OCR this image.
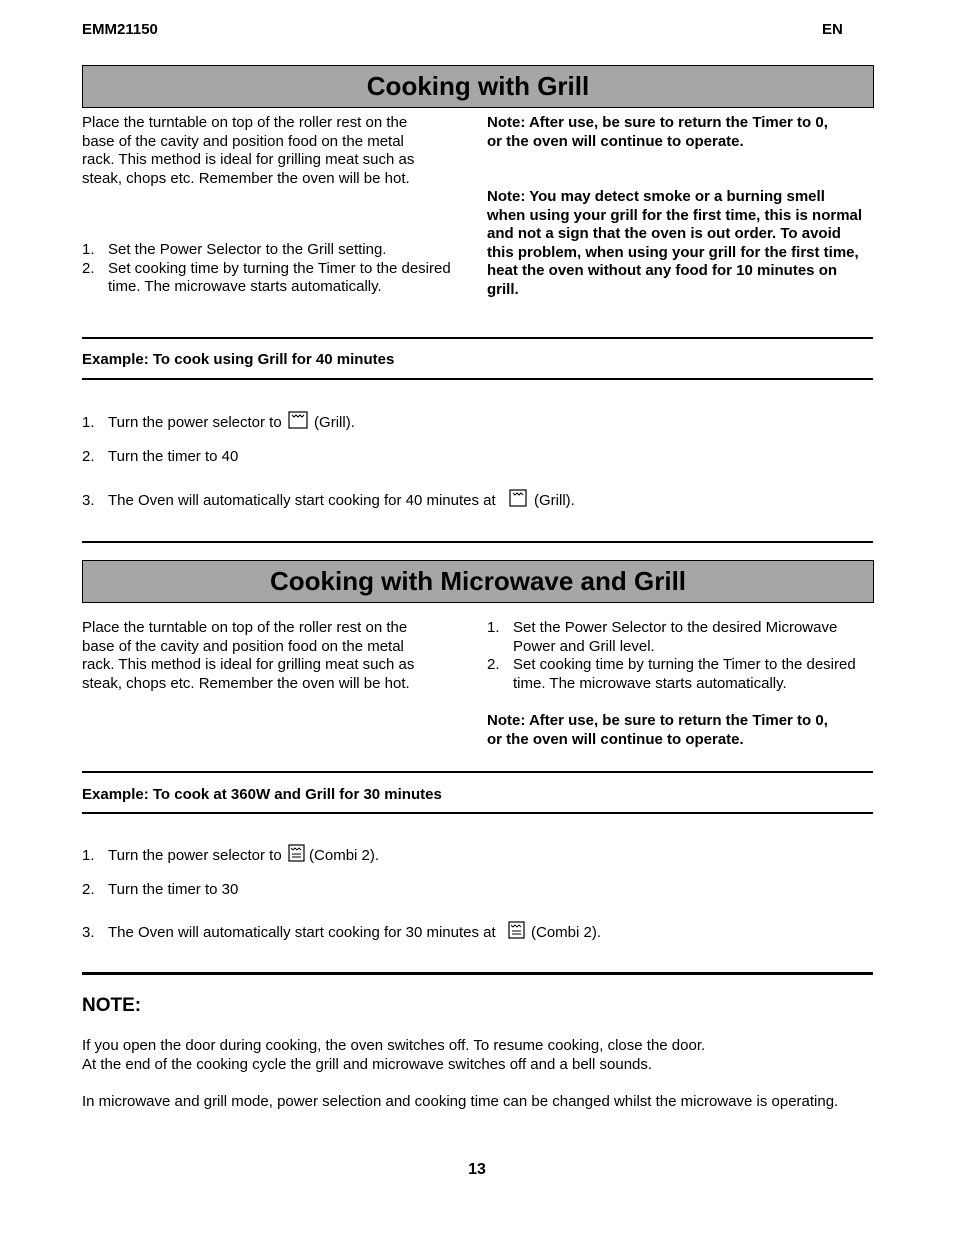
EMM21150	EN
Cooking with Grill

Place the turntable on top of the roller rest on the base of the cavity and position food on the metal rack. This method is ideal for grilling meat such as steak, chops etc. Remember the oven will be hot.

1. Set the Power Selector to the Grill setting.
2. Set cooking time by turning the Timer to the desired time. The microwave starts automatically.

Note: After use, be sure to return the Timer to 0, or the oven will continue to operate.

Note: You may detect smoke or a burning smell when using your grill for the first time, this is normal and not a sign that the oven is out order. To avoid this problem, when using your grill for the first time, heat the oven without any food for 10 minutes on grill.

Example: To cook using Grill for 40 minutes
1. Turn the power selector to (Grill).
2. Turn the timer to 40
3. The Oven will automatically start cooking for 40 minutes at	(Grill).
Cooking with Microwave and Grill

Place the turntable on top of the roller rest on the base of the cavity and position food on the metal rack. This method is ideal for grilling meat such as steak, chops etc. Remember the oven will be hot.

1. Set the Power Selector to the desired Microwave Power and Grill level.
2. Set cooking time by turning the Timer to the desired time. The microwave starts automatically.

Note: After use, be sure to return the Timer to 0, or the oven will continue to operate.

Example: To cook at 360W and Grill for 30 minutes
1. Turn the power selector to (Combi 2).
2. Turn the timer to 30
3. The Oven will automatically start cooking for 30 minutes at (Combi 2).
NOTE:
If you open the door during cooking, the oven switches off. To resume cooking, close the door.
At the end of the cooking cycle the grill and microwave switches off and a bell sounds.
In microwave and grill mode, power selection and cooking time can be changed whilst the microwave is operating.
13
